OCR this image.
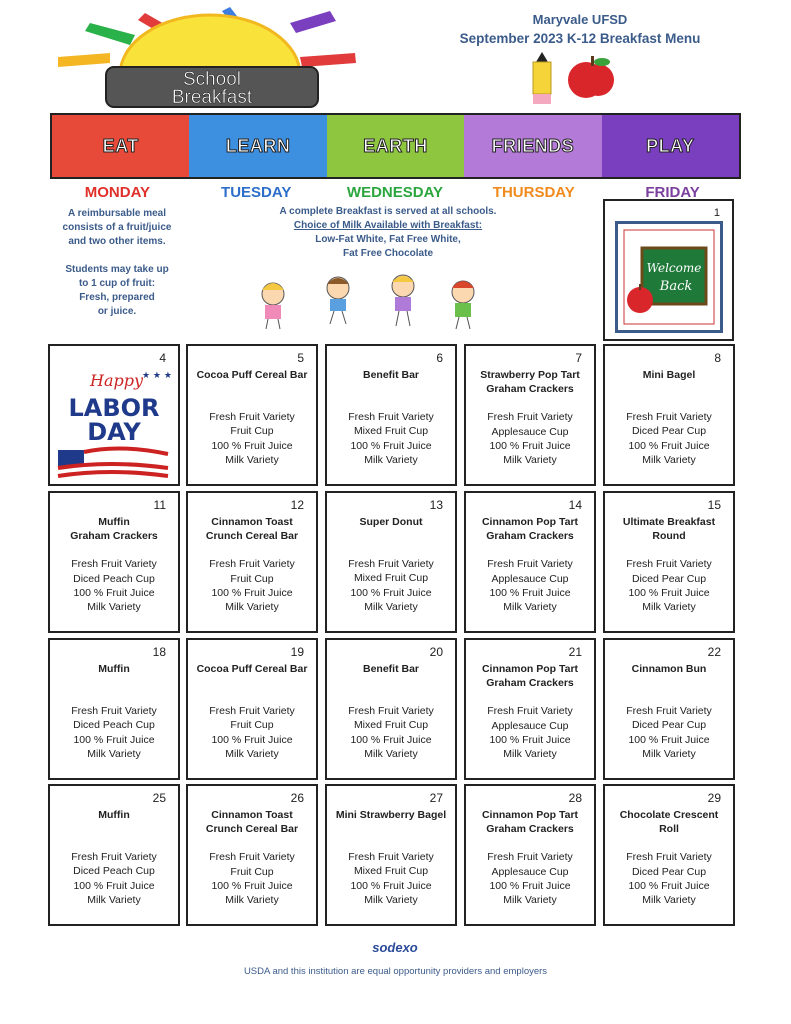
School
Breakfast
Maryvale UFSD
September 2023 K-12 Breakfast Menu
EAT	LEARN	EARTH	FRIENDS	PLAY
MONDAY	TUESDAY	WEDNESDAY	THURSDAY	FRIDAY
A reimbursable meal
consists of a fruit/juice
and two other items.
Students may take up
to 1 cup of fruit:
Fresh, prepared
or juice.
A complete Breakfast is served at all schools.
Choice of Milk Available with Breakfast:
Low-Fat White, Fat Free White,
Fat Free Chocolate
1
Welcome
Back
4
Happy
★ ★ ★
LABOR
DAY
5
Cocoa Puff Cereal Bar
Fresh Fruit Variety
Fruit Cup
100 % Fruit Juice
Milk Variety
6
Benefit Bar
Fresh Fruit Variety
Mixed Fruit Cup
100 % Fruit Juice
Milk Variety
7
Strawberry Pop Tart
Graham Crackers
Fresh Fruit Variety
Applesauce Cup
100 % Fruit Juice
Milk Variety
8
Mini Bagel
Fresh Fruit Variety
Diced Pear Cup
100 % Fruit Juice
Milk Variety
11
Muffin
Graham Crackers
Fresh Fruit Variety
Diced Peach Cup
100 % Fruit Juice
Milk Variety
12
Cinnamon Toast
Crunch Cereal Bar
Fresh Fruit Variety
Fruit Cup
100 % Fruit Juice
Milk Variety
13
Super Donut
Fresh Fruit Variety
Mixed Fruit Cup
100 % Fruit Juice
Milk Variety
14
Cinnamon Pop Tart
Graham Crackers
Fresh Fruit Variety
Applesauce Cup
100 % Fruit Juice
Milk Variety
15
Ultimate Breakfast
Round
Fresh Fruit Variety
Diced Pear Cup
100 % Fruit Juice
Milk Variety
18
Muffin
Fresh Fruit Variety
Diced Peach Cup
100 % Fruit Juice
Milk Variety
19
Cocoa Puff Cereal Bar
Fresh Fruit Variety
Fruit Cup
100 % Fruit Juice
Milk Variety
20
Benefit Bar
Fresh Fruit Variety
Mixed Fruit Cup
100 % Fruit Juice
Milk Variety
21
Cinnamon Pop Tart
Graham Crackers
Fresh Fruit Variety
Applesauce Cup
100 % Fruit Juice
Milk Variety
22
Cinnamon Bun
Fresh Fruit Variety
Diced Pear Cup
100 % Fruit Juice
Milk Variety
25
Muffin
Fresh Fruit Variety
Diced Peach Cup
100 % Fruit Juice
Milk Variety
26
Cinnamon Toast
Crunch Cereal Bar
Fresh Fruit Variety
Fruit Cup
100 % Fruit Juice
Milk Variety
27
Mini Strawberry Bagel
Fresh Fruit Variety
Mixed Fruit Cup
100 % Fruit Juice
Milk Variety
28
Cinnamon Pop Tart
Graham Crackers
Fresh Fruit Variety
Applesauce Cup
100 % Fruit Juice
Milk Variety
29
Chocolate Crescent
Roll
Fresh Fruit Variety
Diced Pear Cup
100 % Fruit Juice
Milk Variety
sodexo
USDA and this institution are equal opportunity providers and employers
